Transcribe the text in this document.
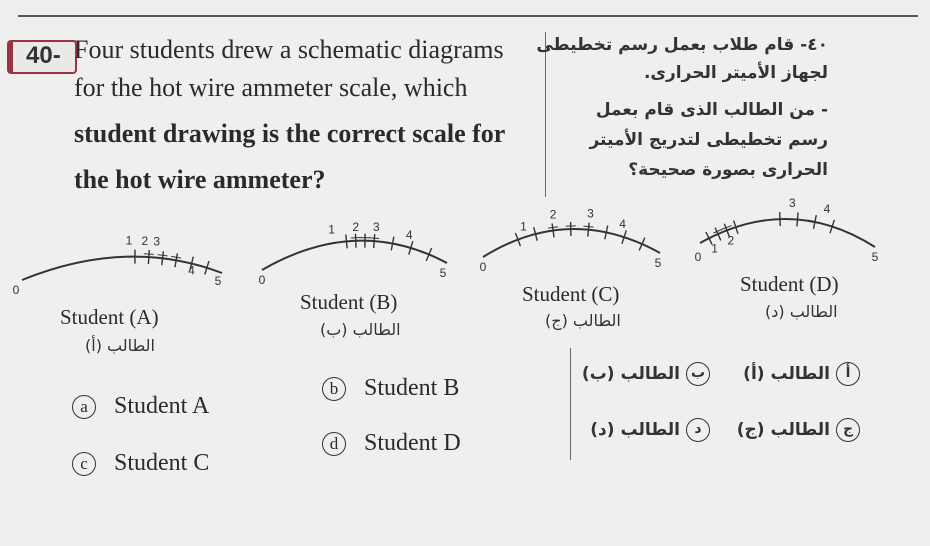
40- Four students drew a schematic diagrams
for the hot wire ammeter scale, which
student drawing is the correct scale for
the hot wire ammeter?
٤٠- قام طلاب بعمل رسم تخطيطى
لجهاز الأميتر الحرارى.
- من الطالب الذى قام بعمل
رسم تخطيطى لتدريج الأميتر
الحرارى بصورة صحيحة؟
0
1 2 3
4
5	0
1 2 3
4
5	0
1
2	3
4
5	0
1
2
3 4
5
Student (A)
الطالب (أ)
Student (B)
الطالب (ب)
Student (C)
الطالب (ج)
Student (D)
الطالب (د)
a	Student A
b	Student B
c	Student C
d	Student D
أ
الطالب (أ)
ب
الطالب (ب)
ج
الطالب (ج)
د
الطالب (د)
